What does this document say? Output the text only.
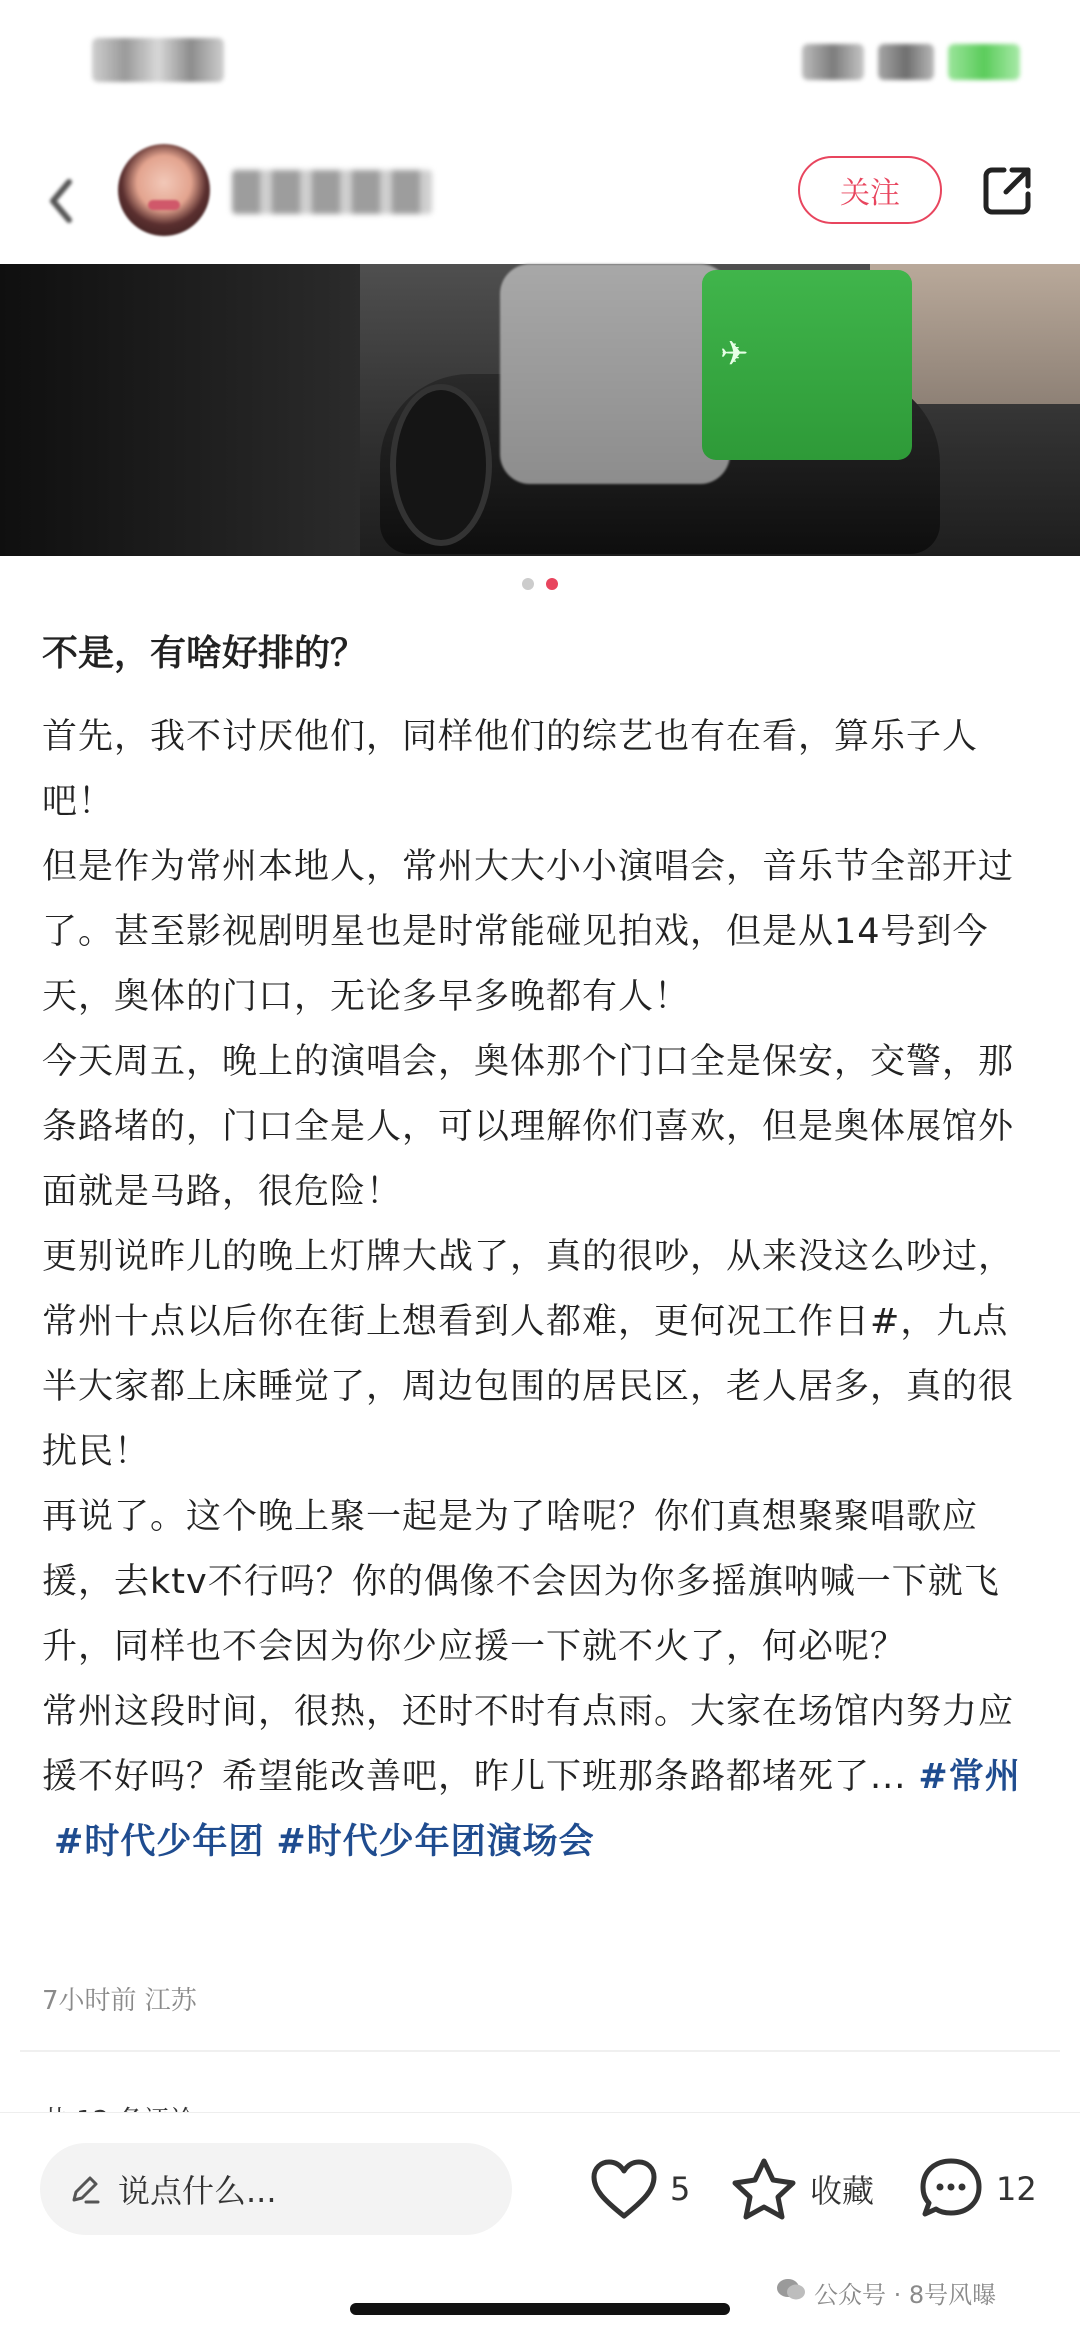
关注
✈
不是，有啥好排的？

首先，我不讨厌他们，同样他们的综艺也有在看，算乐子人吧！

但是作为常州本地人，常州大大小小演唱会，音乐节全部开过了。甚至影视剧明星也是时常能碰见拍戏，但是从14号到今天，奥体的门口，无论多早多晚都有人！

今天周五，晚上的演唱会，奥体那个门口全是保安，交警，那条路堵的，门口全是人，可以理解你们喜欢，但是奥体展馆外面就是马路，很危险！

更别说昨儿的晚上灯牌大战了，真的很吵，从来没这么吵过，常州十点以后你在街上想看到人都难，更何况工作日#，九点半大家都上床睡觉了，周边包围的居民区，老人居多，真的很扰民！

再说了。这个晚上聚一起是为了啥呢？你们真想聚聚唱歌应援，去ktv不行吗？你的偶像不会因为你多摇旗呐喊一下就飞升，同样也不会因为你少应援一下就不火了，何必呢？

常州这段时间，很热，还时不时有点雨。大家在场馆内努力应援不好吗？希望能改善吧，昨儿下班那条路都堵死了... #常州#时代少年团 #时代少年团演场会

7小时前 江苏
说点什么...	5	收藏	12
公众号 · 8号风曝
